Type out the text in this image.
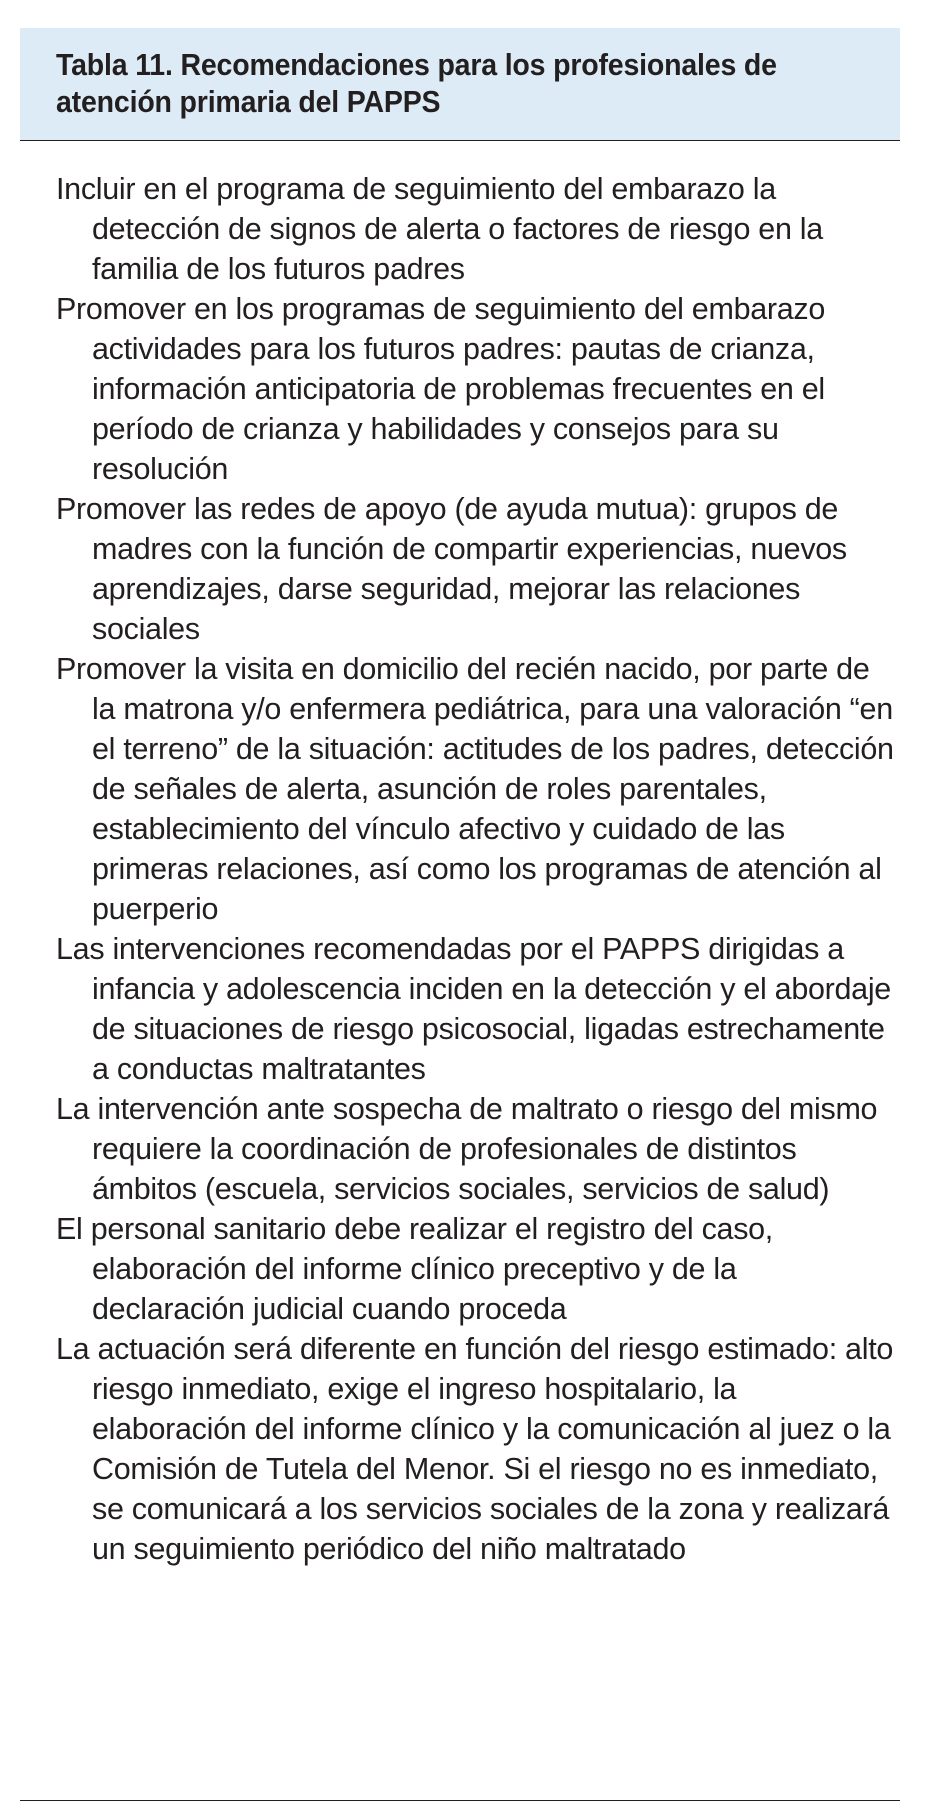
Tabla 11. Recomendaciones para los profesionales de atención primaria del PAPPS
Incluir en el programa de seguimiento del embarazo la detección de signos de alerta o factores de riesgo en la familia de los futuros padres
Promover en los programas de seguimiento del embarazo actividades para los futuros padres: pautas de crianza, información anticipatoria de problemas frecuentes en el período de crianza y habilidades y consejos para su resolución
Promover las redes de apoyo (de ayuda mutua): grupos de madres con la función de compartir experiencias, nuevos aprendizajes, darse seguridad, mejorar las relaciones sociales
Promover la visita en domicilio del recién nacido, por parte de la matrona y/o enfermera pediátrica, para una valoración “en el terreno” de la situación: actitudes de los padres, detección de señales de alerta, asunción de roles parentales, establecimiento del vínculo afectivo y cuidado de las primeras relaciones, así como los programas de atención al puerperio
Las intervenciones recomendadas por el PAPPS dirigidas a infancia y adolescencia inciden en la detección y el abordaje de situaciones de riesgo psicosocial, ligadas estrechamente a conductas maltratantes
La intervención ante sospecha de maltrato o riesgo del mismo requiere la coordinación de profesionales de distintos ámbitos (escuela, servicios sociales, servicios de salud)
El personal sanitario debe realizar el registro del caso, elaboración del informe clínico preceptivo y de la declaración judicial cuando proceda
La actuación será diferente en función del riesgo estimado: alto riesgo inmediato, exige el ingreso hospitalario, la elaboración del informe clínico y la comunicación al juez o la Comisión de Tutela del Menor. Si el riesgo no es inmediato, se comunicará a los servicios sociales de la zona y realizará un seguimiento periódico del niño maltratado
